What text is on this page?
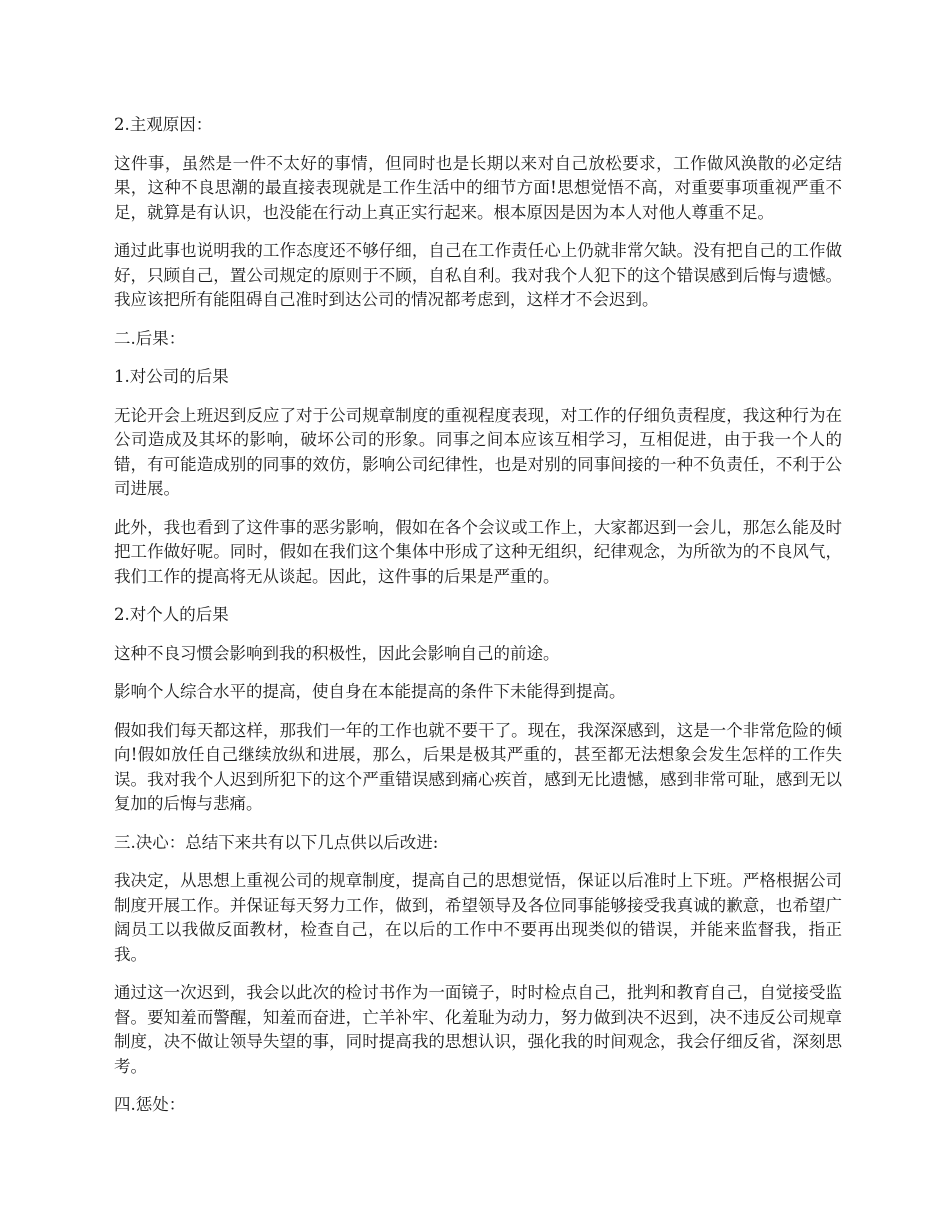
2.主观原因：

这件事，虽然是一件不太好的事情，但同时也是长期以来对自己放松要求，工作做风涣散的必定结果，这种不良思潮的最直接表现就是工作生活中的细节方面!思想觉悟不高，对重要事项重视严重不足，就算是有认识，也没能在行动上真正实行起来。根本原因是因为本人对他人尊重不足。

通过此事也说明我的工作态度还不够仔细，自己在工作责任心上仍就非常欠缺。没有把自己的工作做好，只顾自己，置公司规定的原则于不顾，自私自利。我对我个人犯下的这个错误感到后悔与遗憾。我应该把所有能阻碍自己准时到达公司的情况都考虑到，这样才不会迟到。

二.后果：
1.对公司的后果

无论开会上班迟到反应了对于公司规章制度的重视程度表现，对工作的仔细负责程度，我这种行为在公司造成及其坏的影响，破坏公司的形象。同事之间本应该互相学习，互相促进，由于我一个人的错，有可能造成别的同事的效仿，影响公司纪律性，也是对别的同事间接的一种不负责任，不利于公司进展。

此外，我也看到了这件事的恶劣影响，假如在各个会议或工作上，大家都迟到一会儿，那怎么能及时把工作做好呢。同时，假如在我们这个集体中形成了这种无组织，纪律观念，为所欲为的不良风气，我们工作的提高将无从谈起。因此，这件事的后果是严重的。

2.对个人的后果

这种不良习惯会影响到我的积极性，因此会影响自己的前途。

影响个人综合水平的提高，使自身在本能提高的条件下未能得到提高。

假如我们每天都这样，那我们一年的工作也就不要干了。现在，我深深感到，这是一个非常危险的倾向!假如放任自己继续放纵和进展，那么，后果是极其严重的，甚至都无法想象会发生怎样的工作失误。我对我个人迟到所犯下的这个严重错误感到痛心疾首，感到无比遗憾，感到非常可耻，感到无以复加的后悔与悲痛。

三.决心：总结下来共有以下几点供以后改进:

我决定，从思想上重视公司的规章制度，提高自己的思想觉悟，保证以后准时上下班。严格根据公司制度开展工作。并保证每天努力工作，做到，希望领导及各位同事能够接受我真诚的歉意，也希望广阔员工以我做反面教材，检查自己，在以后的工作中不要再出现类似的错误，并能来监督我，指正我。

通过这一次迟到，我会以此次的检讨书作为一面镜子，时时检点自己，批判和教育自己，自觉接受监督。要知羞而警醒，知羞而奋进，亡羊补牢、化羞耻为动力，努力做到决不迟到，决不违反公司规章制度，决不做让领导失望的事，同时提高我的思想认识，强化我的时间观念，我会仔细反省，深刻思考。

四.惩处：
